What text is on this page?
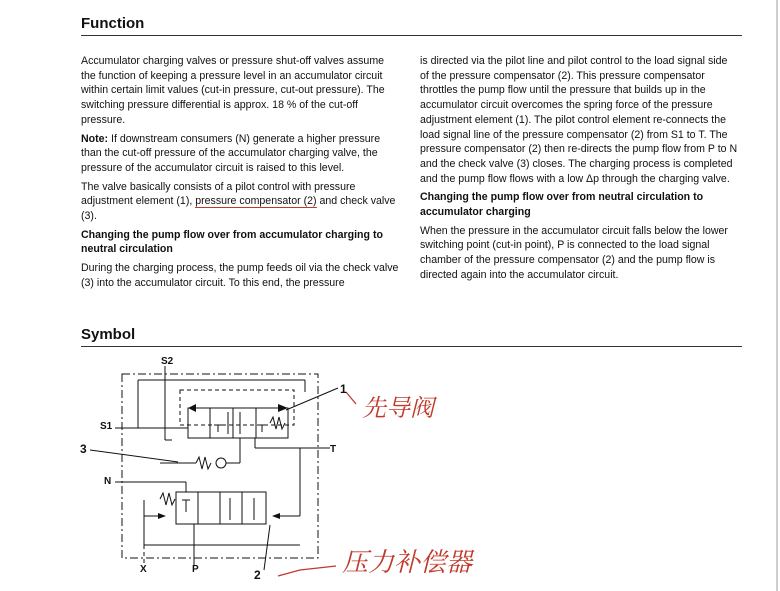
Function

Accumulator charging valves or pressure shut-off valves assume the function of keeping a pressure level in an accumulator circuit within certain limit values (cut-in pressure, cut-out pressure). The switching pressure differential is approx. 18 % of the cut-off pressure.

Note: If downstream consumers (N) generate a higher pressure than the cut-off pressure of the accumulator charging valve, the pressure of the accumulator circuit is raised to this level.

The valve basically consists of a pilot control with pressure adjustment element (1), pressure compensator (2) and check valve (3).

Changing the pump flow over from accumulator charging to neutral circulation

During the charging process, the pump feeds oil via the check valve (3) into the accumulator circuit. To this end, the pressure

is directed via the pilot line and pilot control to the load signal side of the pressure compensator (2). This pressure compensator throttles the pump flow until the pressure that builds up in the accumulator circuit overcomes the spring force of the pressure adjustment element (1). The pilot control element re-connects the load signal line of the pressure compensator (2) from S1 to T. The pressure compensator (2) then re-directs the pump flow from P to N and the check valve (3) closes. The charging process is completed and the pump flow flows with a low Δp through the charging valve.

Changing the pump flow over from neutral circulation to accumulator charging

When the pressure in the accumulator circuit falls below the lower switching point (cut-in point), P is connected to the load signal chamber of the pressure compensator (2) and the pump flow is directed again into the accumulator circuit.

Symbol
S2
S1
T
N
X	P
1
2
3
先导阀
压力补偿器
